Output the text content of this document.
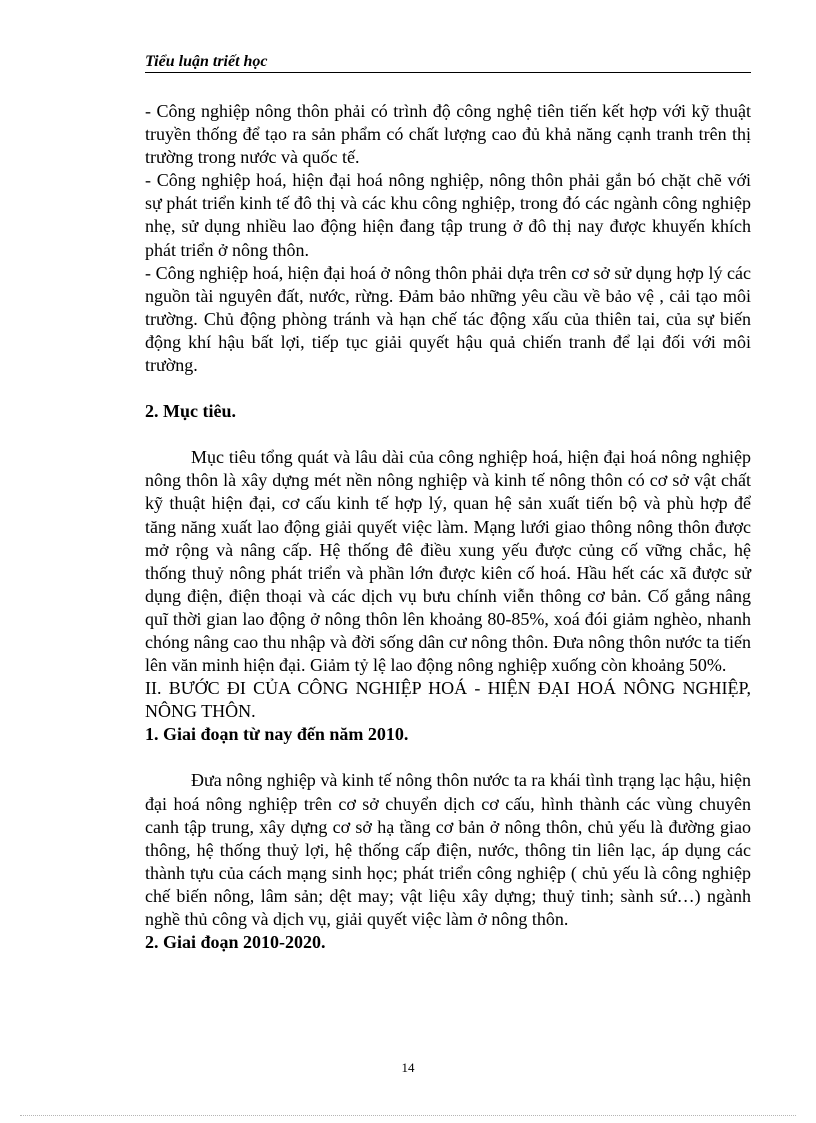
Tiểu luận triết học

- Công nghiệp nông thôn phải có trình độ công nghệ tiên tiến kết hợp với kỹ thuật truyền thống để tạo ra sản phẩm có chất lượng cao đủ khả năng cạnh tranh trên thị trường trong nước và quốc tế.

- Công nghiệp hoá, hiện đại hoá nông nghiệp, nông thôn phải gắn bó chặt chẽ với sự phát triển kinh tế đô thị và các khu công nghiệp, trong đó các ngành công nghiệp nhẹ, sử dụng nhiều lao động hiện đang tập trung ở đô thị nay được khuyến khích phát triển ở nông thôn.

- Công nghiệp hoá, hiện đại hoá ở nông thôn phải dựa trên cơ sở sử dụng hợp lý các nguồn tài nguyên đất, nước, rừng. Đảm bảo những yêu cầu về bảo vệ , cải tạo môi trường. Chủ động phòng tránh và hạn chế tác động xấu của thiên tai, của sự biến động khí hậu bất lợi, tiếp tục giải quyết hậu quả chiến tranh để lại đối với môi trường.

2. Mục tiêu.

Mục tiêu tổng quát và lâu dài của công nghiệp hoá, hiện đại hoá nông nghiệp nông thôn là xây dựng mét nền nông nghiệp và kinh tế nông thôn có cơ sở vật chất kỹ thuật hiện đại, cơ cấu kinh tế hợp lý, quan hệ sản xuất tiến bộ và phù hợp để tăng năng xuất lao động giải quyết việc làm. Mạng lưới giao thông nông thôn được mở rộng và nâng cấp. Hệ thống đê điều xung yếu được củng cố vững chắc, hệ thống thuỷ nông phát triển và phần lớn được kiên cố hoá. Hầu hết các xã được sử dụng điện, điện thoại và các dịch vụ bưu chính viễn thông cơ bản. Cố gắng nâng quĩ thời gian lao động ở nông thôn lên khoảng 80-85%, xoá đói giảm nghèo, nhanh chóng nâng cao thu nhập và đời sống dân cư nông thôn. Đưa nông thôn nước ta tiến lên văn minh hiện đại. Giảm tỷ lệ lao động nông nghiệp xuống còn khoảng 50%.

II. BƯỚC ĐI CỦA CÔNG NGHIỆP HOÁ - HIỆN ĐẠI HOÁ NÔNG NGHIỆP, NÔNG THÔN.

1. Giai đoạn từ nay đến năm 2010.

Đưa nông nghiệp và kinh tế nông thôn nước ta ra khái tình trạng lạc hậu, hiện đại hoá nông nghiệp trên cơ sở chuyển dịch cơ cấu, hình thành các vùng chuyên canh tập trung, xây dựng cơ sở hạ tầng cơ bản ở nông thôn, chủ yếu là đường giao thông, hệ thống thuỷ lợi, hệ thống cấp điện, nước, thông tin liên lạc, áp dụng các thành tựu của cách mạng sinh học; phát triển công nghiệp ( chủ yếu là công nghiệp chế biến nông, lâm sản; dệt may; vật liệu xây dựng; thuỷ tinh; sành sứ…) ngành nghề thủ công và dịch vụ, giải quyết việc làm ở nông thôn.

2. Giai đoạn 2010-2020.

14
